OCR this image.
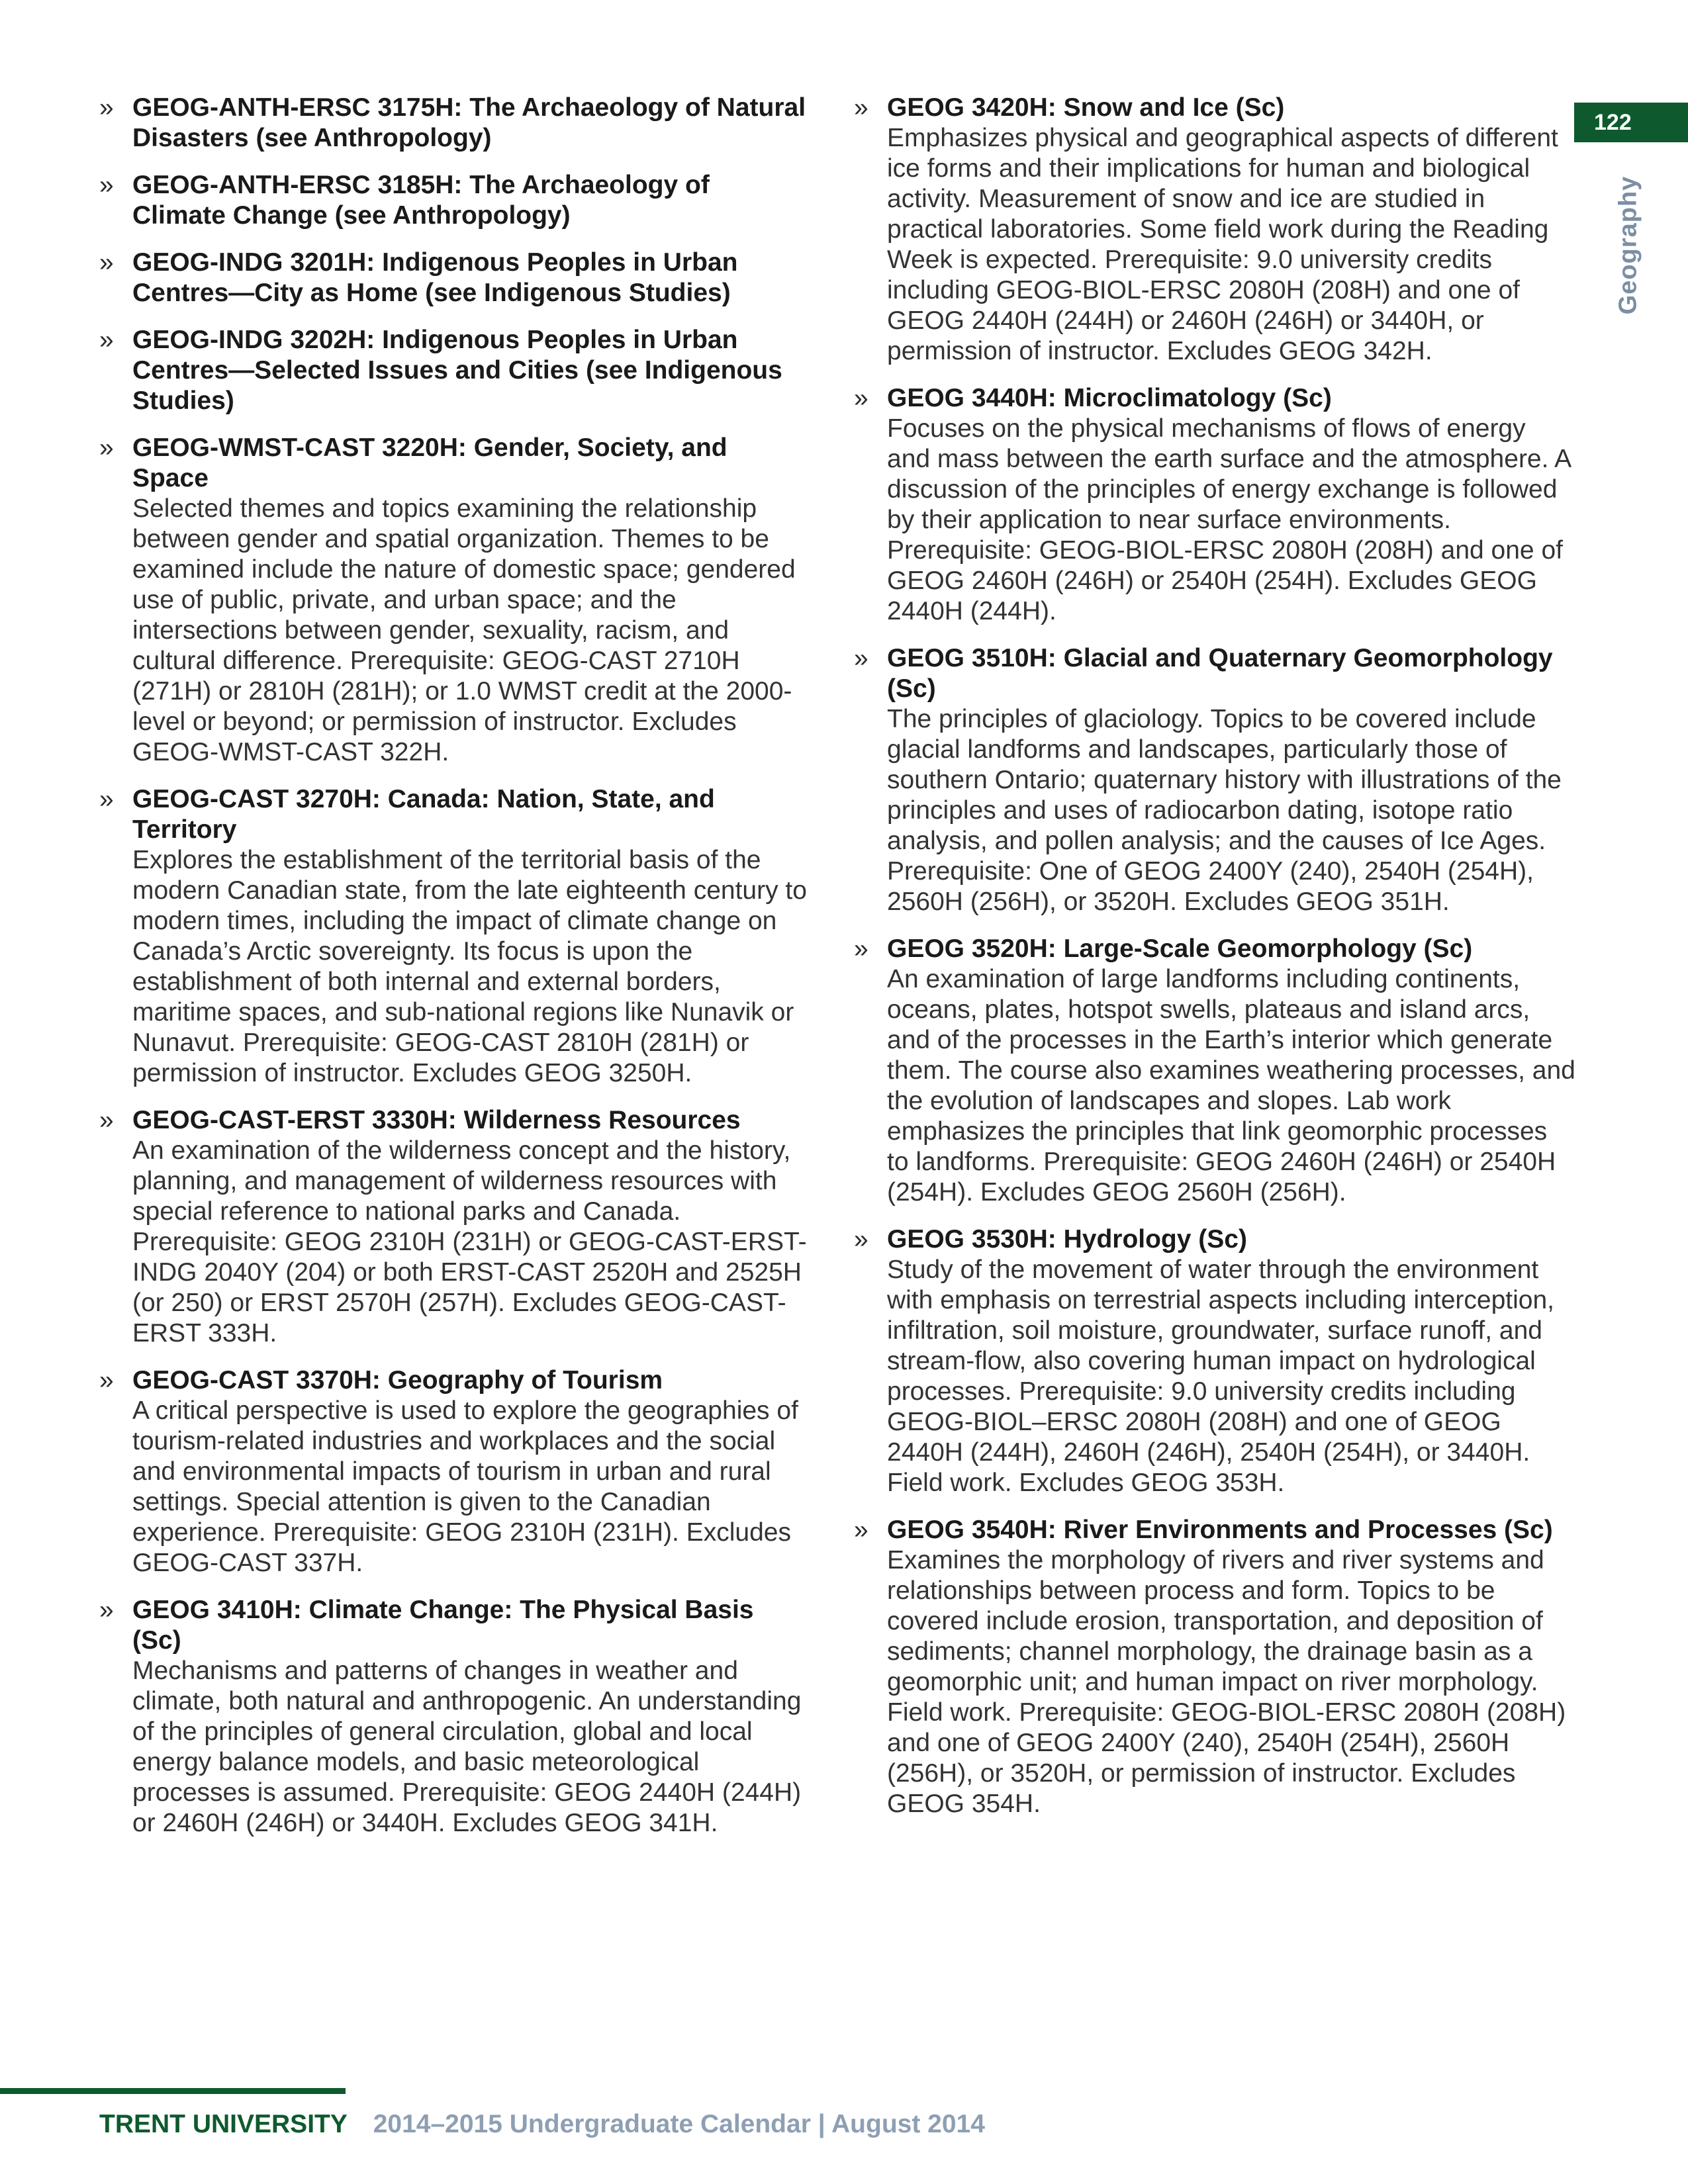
122
Geography
» GEOG-ANTH-ERSC 3175H: The Archaeology of Natural Disasters (see Anthropology)
» GEOG-ANTH-ERSC 3185H: The Archaeology of Climate Change (see Anthropology)
» GEOG-INDG 3201H: Indigenous Peoples in Urban Centres—City as Home (see Indigenous Studies)
» GEOG-INDG 3202H: Indigenous Peoples in Urban Centres—Selected Issues and Cities (see Indigenous Studies)
» GEOG-WMST-CAST 3220H: Gender, Society, and Space
Selected themes and topics examining the relationship between gender and spatial organization. Themes to be examined include the nature of domestic space; gendered use of public, private, and urban space; and the intersections between gender, sexuality, racism, and cultural difference. Prerequisite: GEOG-CAST 2710H (271H) or 2810H (281H); or 1.0 WMST credit at the 2000-level or beyond; or permission of instructor. Excludes GEOG-WMST-CAST 322H.
» GEOG-CAST 3270H: Canada: Nation, State, and Territory
Explores the establishment of the territorial basis of the modern Canadian state, from the late eighteenth century to modern times, including the impact of climate change on Canada’s Arctic sovereignty. Its focus is upon the establishment of both internal and external borders, maritime spaces, and sub-national regions like Nunavik or Nunavut. Prerequisite: GEOG-CAST 2810H (281H) or permission of instructor. Excludes GEOG 3250H.
» GEOG-CAST-ERST 3330H: Wilderness Resources
An examination of the wilderness concept and the history, planning, and management of wilderness resources with special reference to national parks and Canada. Prerequisite: GEOG 2310H (231H) or GEOG-CAST-ERST-INDG 2040Y (204) or both ERST-CAST 2520H and 2525H (or 250) or ERST 2570H (257H). Excludes GEOG-CAST-ERST 333H.
» GEOG-CAST 3370H: Geography of Tourism
A critical perspective is used to explore the geographies of tourism-related industries and workplaces and the social and environmental impacts of tourism in urban and rural settings. Special attention is given to the Canadian experience. Prerequisite: GEOG 2310H (231H). Excludes GEOG-CAST 337H.
» GEOG 3410H: Climate Change: The Physical Basis (Sc)
Mechanisms and patterns of changes in weather and climate, both natural and anthropogenic. An understanding of the principles of general circulation, global and local energy balance models, and basic meteorological processes is assumed. Prerequisite: GEOG 2440H (244H) or 2460H (246H) or 3440H. Excludes GEOG 341H.
» GEOG 3420H: Snow and Ice (Sc)
Emphasizes physical and geographical aspects of different ice forms and their implications for human and biological activity. Measurement of snow and ice are studied in practical laboratories. Some field work during the Reading Week is expected. Prerequisite: 9.0 university credits including GEOG-BIOL-ERSC 2080H (208H) and one of GEOG 2440H (244H) or 2460H (246H) or 3440H, or permission of instructor. Excludes GEOG 342H.
» GEOG 3440H: Microclimatology (Sc)
Focuses on the physical mechanisms of flows of energy and mass between the earth surface and the atmosphere. A discussion of the principles of energy exchange is followed by their application to near surface environments. Prerequisite: GEOG-BIOL-ERSC 2080H (208H) and one of GEOG 2460H (246H) or 2540H (254H). Excludes GEOG 2440H (244H).
» GEOG 3510H: Glacial and Quaternary Geomorphology (Sc)
The principles of glaciology. Topics to be covered include glacial landforms and landscapes, particularly those of southern Ontario; quaternary history with illustrations of the principles and uses of radiocarbon dating, isotope ratio analysis, and pollen analysis; and the causes of Ice Ages. Prerequisite: One of GEOG 2400Y (240), 2540H (254H), 2560H (256H), or 3520H. Excludes GEOG 351H.
» GEOG 3520H: Large-Scale Geomorphology (Sc)
An examination of large landforms including continents, oceans, plates, hotspot swells, plateaus and island arcs, and of the processes in the Earth’s interior which generate them. The course also examines weathering processes, and the evolution of landscapes and slopes. Lab work emphasizes the principles that link geomorphic processes to landforms. Prerequisite: GEOG 2460H (246H) or 2540H (254H). Excludes GEOG 2560H (256H).
» GEOG 3530H: Hydrology (Sc)
Study of the movement of water through the environment with emphasis on terrestrial aspects including interception, infiltration, soil moisture, groundwater, surface runoff, and stream-flow, also covering human impact on hydrological processes. Prerequisite: 9.0 university credits including GEOG-BIOL–ERSC 2080H (208H) and one of GEOG 2440H (244H), 2460H (246H), 2540H (254H), or 3440H. Field work. Excludes GEOG 353H.
» GEOG 3540H: River Environments and Processes (Sc)
Examines the morphology of rivers and river systems and relationships between process and form. Topics to be covered include erosion, transportation, and deposition of sediments; channel morphology, the drainage basin as a geomorphic unit; and human impact on river morphology. Field work. Prerequisite: GEOG-BIOL-ERSC 2080H (208H) and one of GEOG 2400Y (240), 2540H (254H), 2560H (256H), or 3520H, or permission of instructor. Excludes GEOG 354H.
TRENT UNIVERSITY 2014–2015 Undergraduate Calendar | August 2014
